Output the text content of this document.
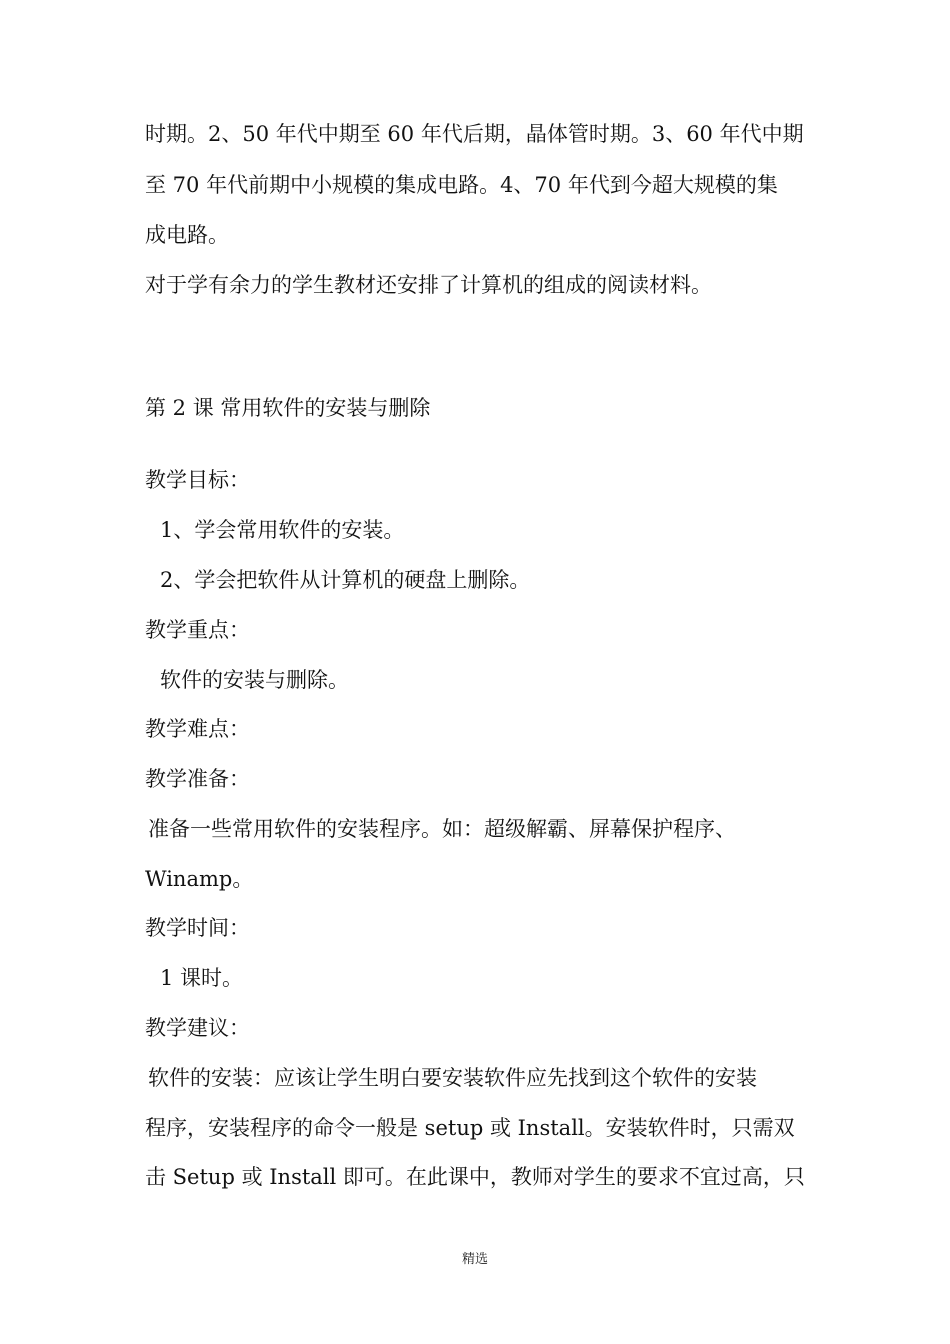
时期。2、50 年代中期至 60 年代后期，晶体管时期。3、60 年代中期
至 70 年代前期中小规模的集成电路。4、70 年代到今超大规模的集
成电路。
对于学有余力的学生教材还安排了计算机的组成的阅读材料。
第 2 课 常用软件的安装与删除
教学目标：
1、学会常用软件的安装。
2、学会把软件从计算机的硬盘上删除。
教学重点：
软件的安装与删除。
教学难点：
教学准备：
准备一些常用软件的安装程序。如：超级解霸、屏幕保护程序、
Winamp。
教学时间：
1 课时。
教学建议：
软件的安装：应该让学生明白要安装软件应先找到这个软件的安装
程序，安装程序的命令一般是 setup 或 Install。安装软件时，只需双
击 Setup 或 Install 即可。在此课中，教师对学生的要求不宜过高，只
精选
